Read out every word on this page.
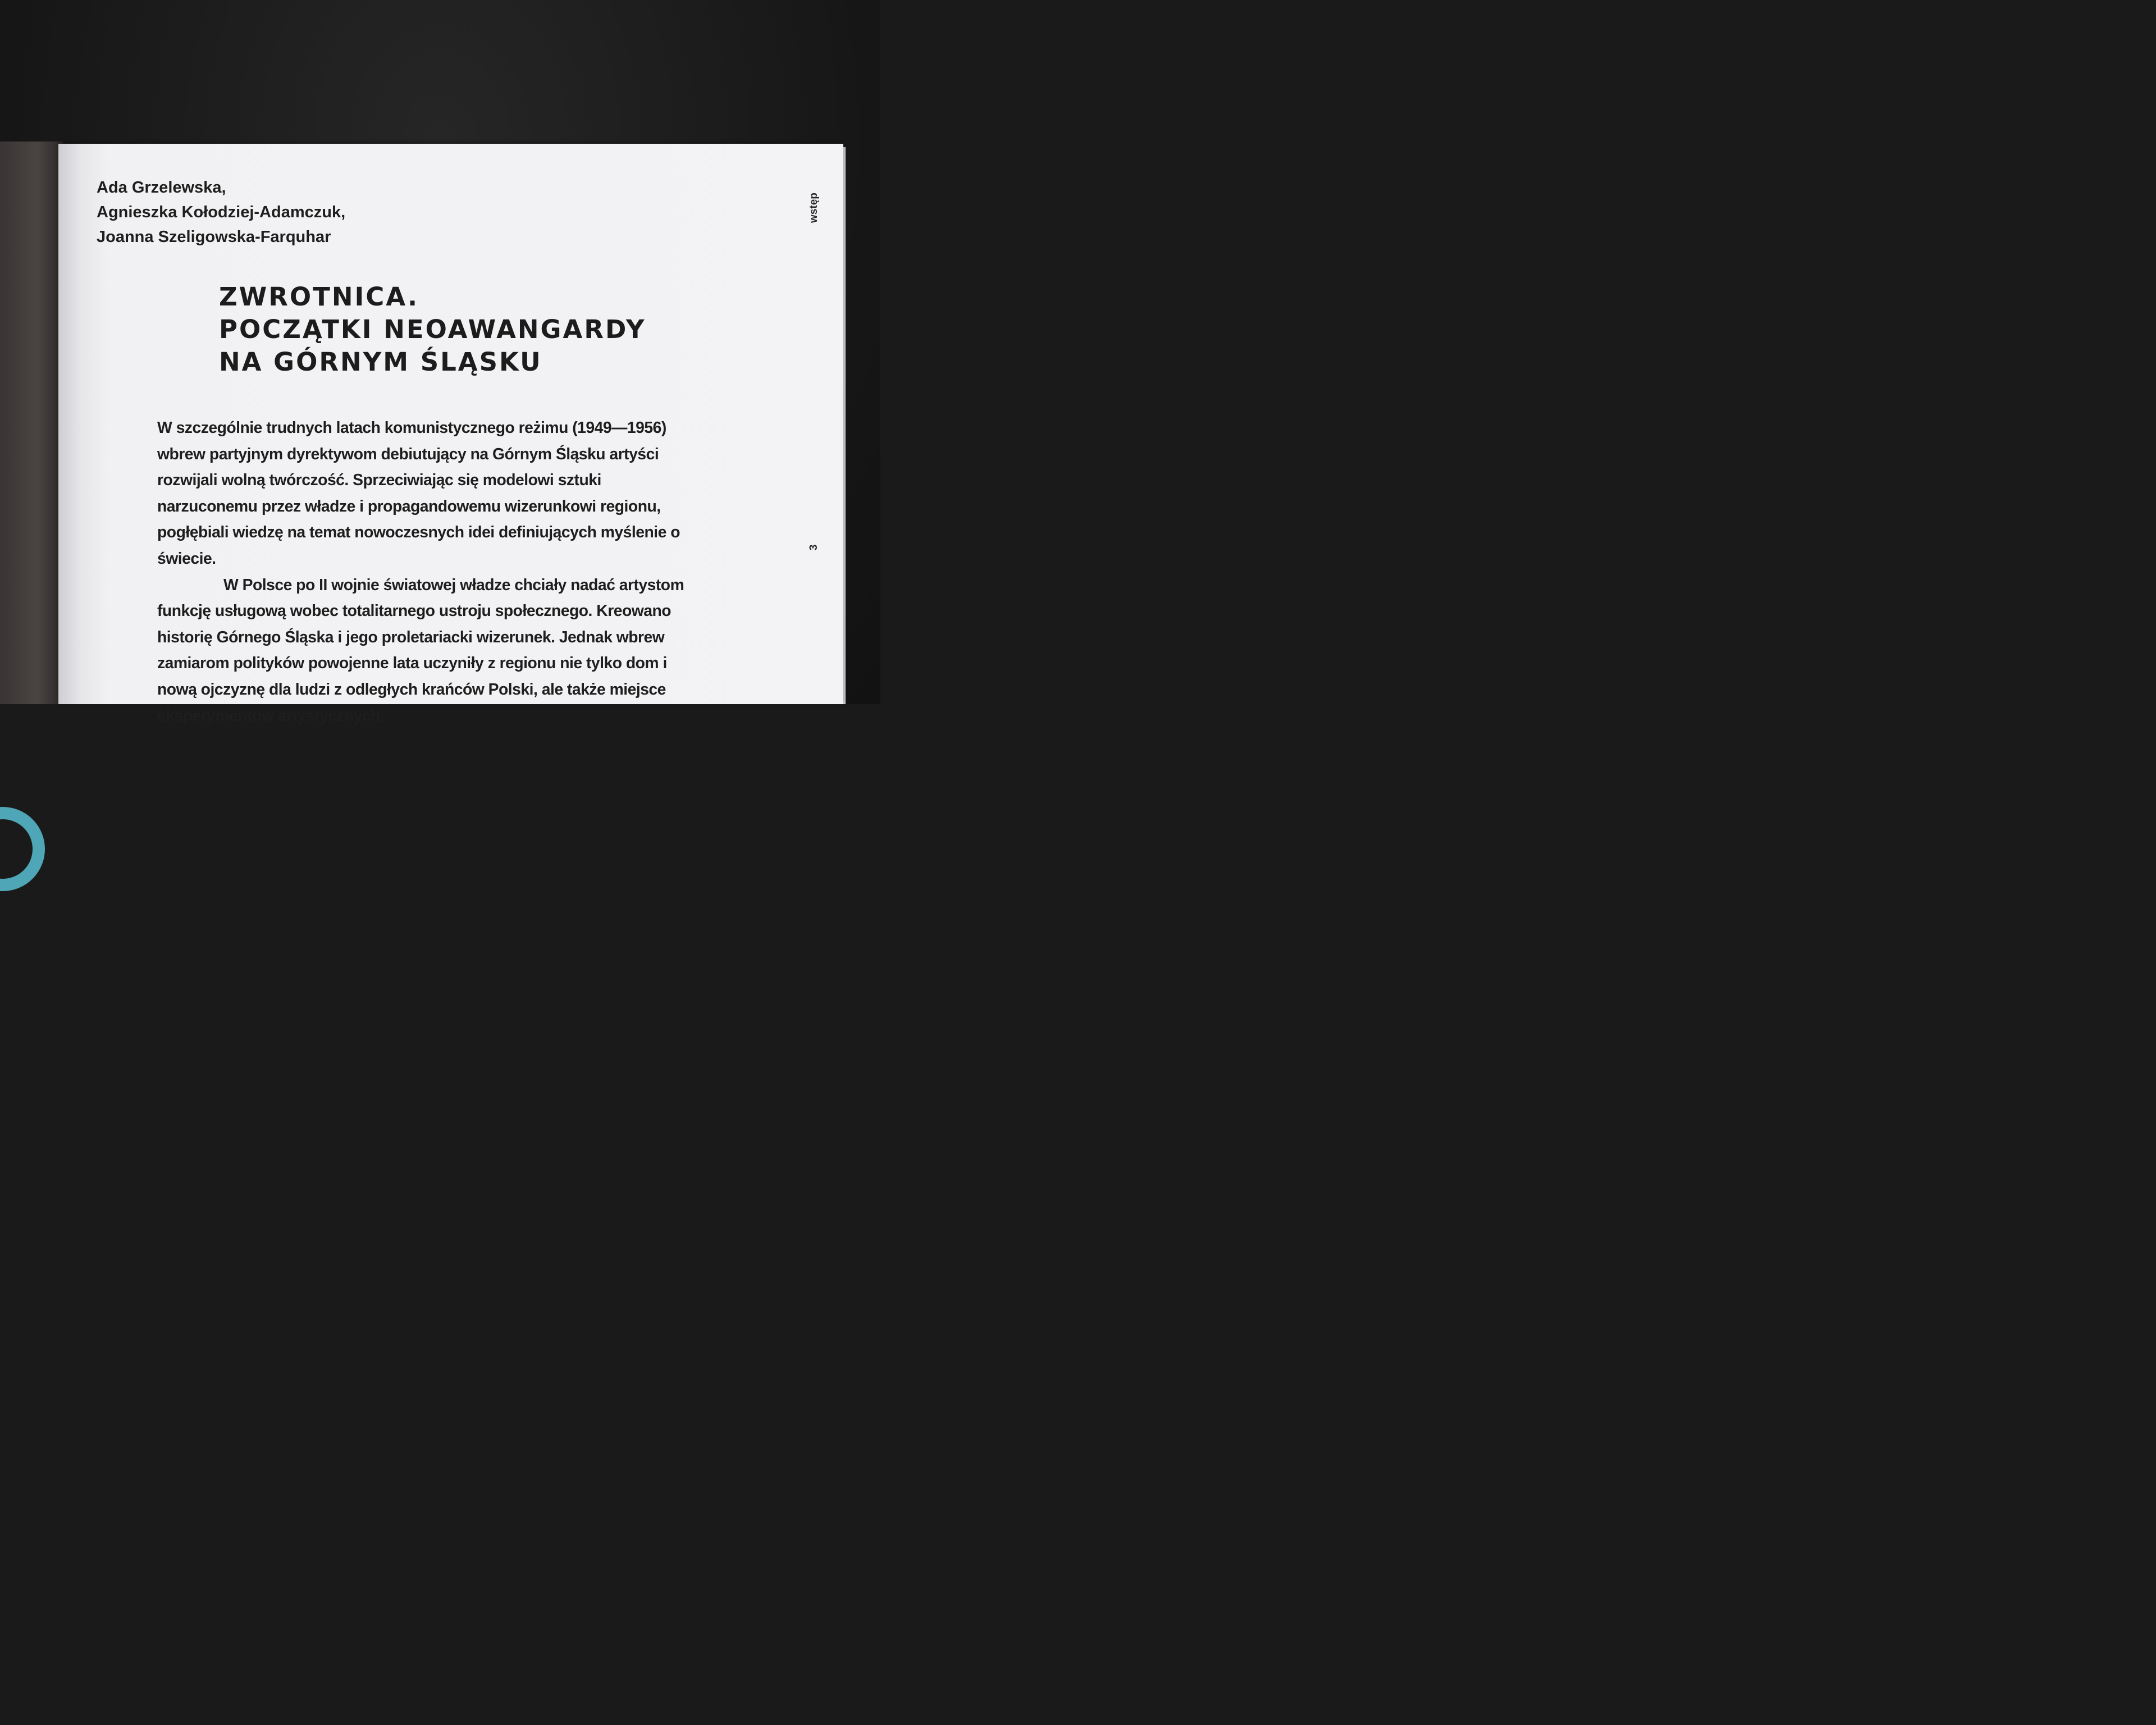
Ada Grzelewska,
Agnieszka Kołodziej-Adamczuk,
Joanna Szeligowska-Farquhar
ZWROTNICA.
POCZĄTKI NEOAWANGARDY
NA GÓRNYM ŚLĄSKU

W szczególnie trudnych latach komunistycznego reżimu (1949—1956) wbrew partyjnym dyrektywom debiutujący na Górnym Śląsku artyści rozwijali wolną twórczość. Sprzeciwiając się modelowi sztuki narzuconemu przez władze i propagandowemu wizerunkowi regionu, pogłębiali wiedzę na temat nowoczesnych idei definiujących myślenie o świecie.

W Polsce po II wojnie światowej władze chciały nadać artystom funkcję usługową wobec totalitarnego ustroju społecznego. Kreowano historię Górnego Śląska i jego proletariacki wizerunek. Jednak wbrew zamiarom polityków powojenne lata uczyniły z regionu nie tylko dom i nową ojczyznę dla ludzi z odległych krańców Polski, ale także miejsce eksperymentów artystycznych.

wstęp
3
